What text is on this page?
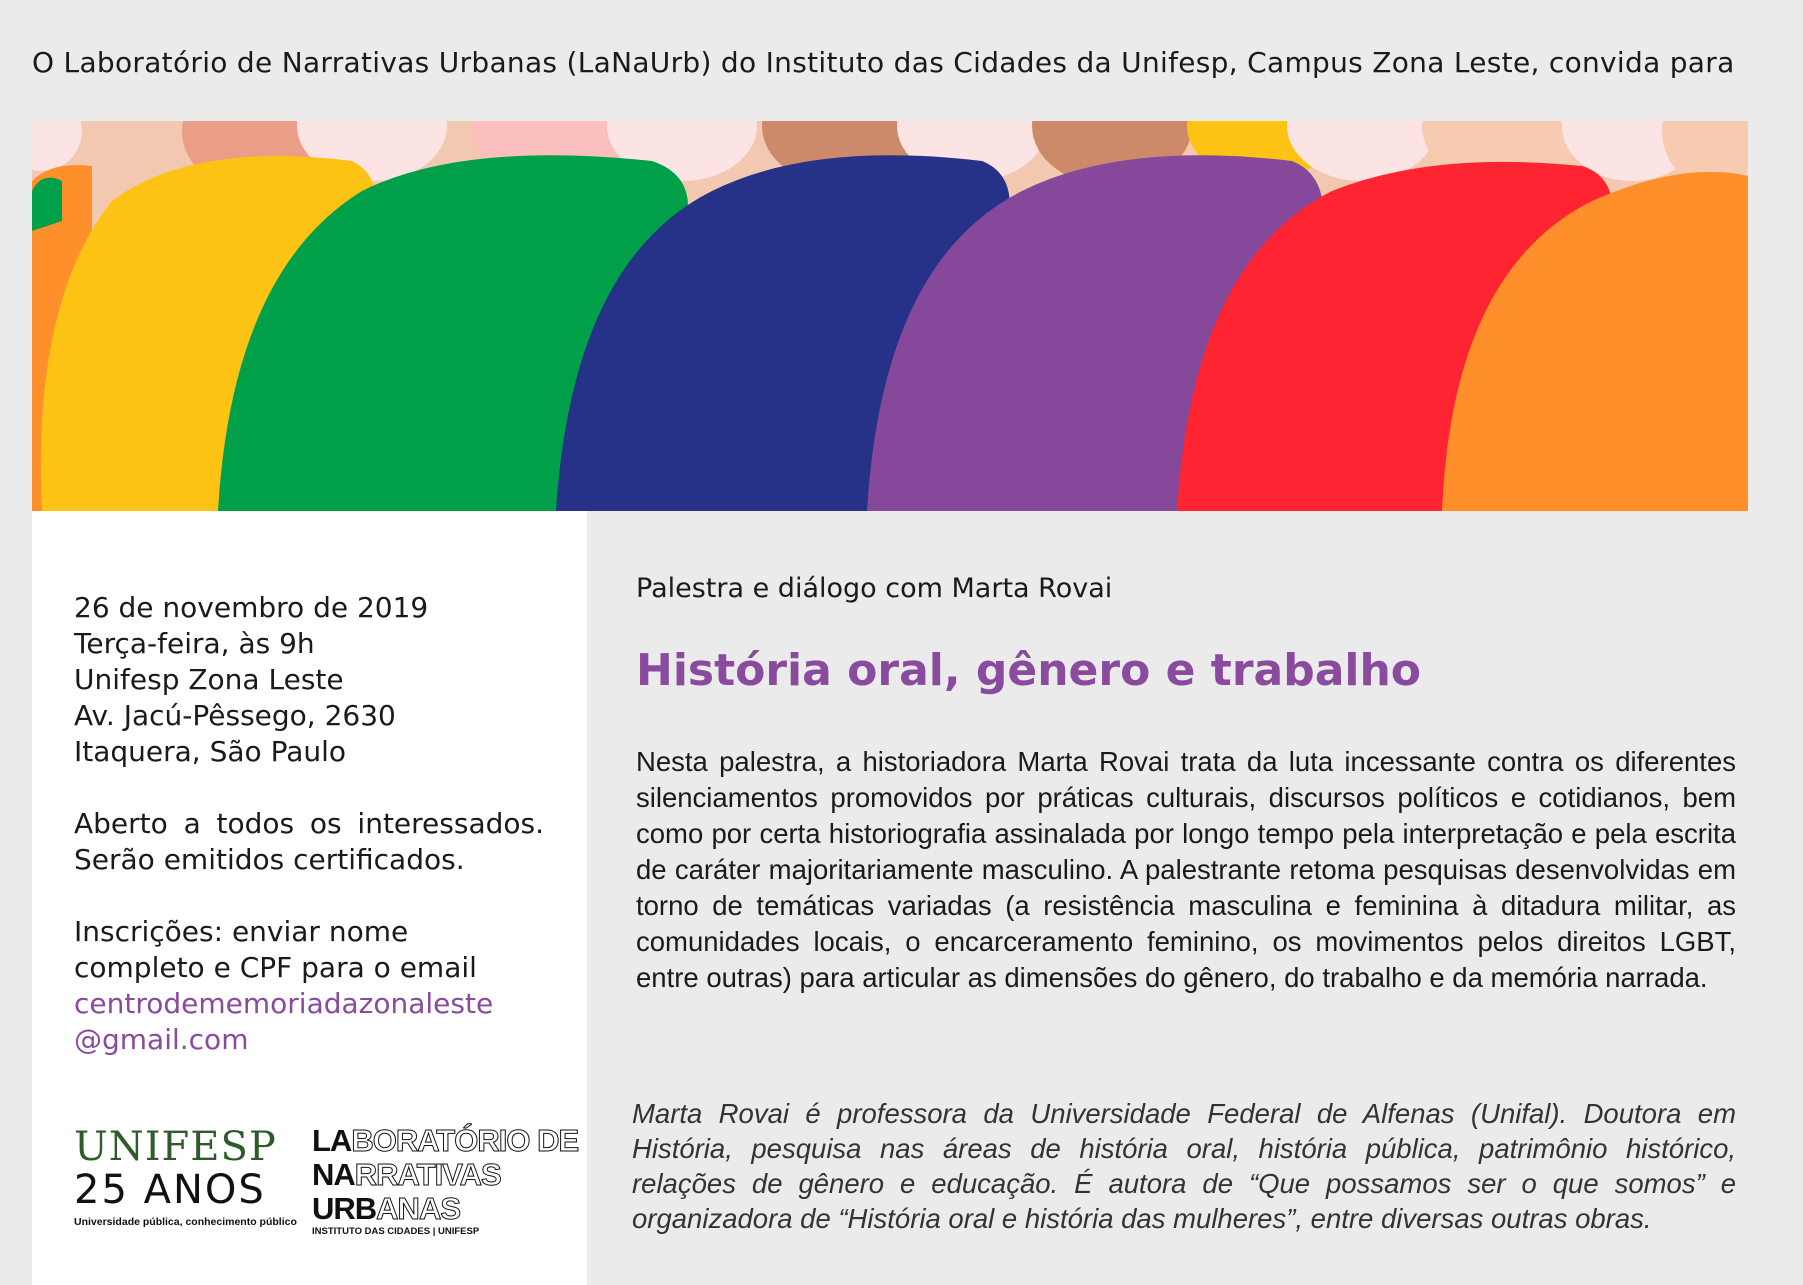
O Laboratório de Narrativas Urbanas (LaNaUrb) do Instituto das Cidades da Unifesp, Campus Zona Leste, convida para
26 de novembro de 2019
Terça-feira, às 9h
Unifesp Zona Leste
Av. Jacú-Pêssego, 2630
Itaquera, São Paulo
Aberto a todos os interessados. Serão emitidos certificados.
Inscrições: enviar nome completo e CPF para o email
centrodememoriadazonaleste
@gmail.com
UNIFESP
25 ANOS
Universidade pública, conhecimento público
LABORATÓRIO DE
NARRATIVAS
URBANAS
INSTITUTO DAS CIDADES | UNIFESP
Palestra e diálogo com Marta Rovai
História oral, gênero e trabalho
Nesta palestra, a historiadora Marta Rovai trata da luta incessante contra os diferentes silenciamentos promovidos por práticas culturais, discursos políticos e cotidianos, bem como por certa historiografia assinalada por longo tempo pela interpretação e pela escrita de caráter majoritariamente masculino. A palestrante retoma pesquisas desenvolvidas em torno de temáticas variadas (a resistência masculina e feminina à ditadura militar, as comunidades locais, o encarceramento feminino, os movimentos pelos direitos LGBT, entre outras) para articular as dimensões do gênero, do trabalho e da memória narrada.
Marta Rovai é professora da Universidade Federal de Alfenas (Unifal). Doutora em História, pesquisa nas áreas de história oral, história pública, patrimônio histórico, relações de gênero e educação. É autora de “Que possamos ser o que somos” e organizadora de “História oral e história das mulheres”, entre diversas outras obras.
